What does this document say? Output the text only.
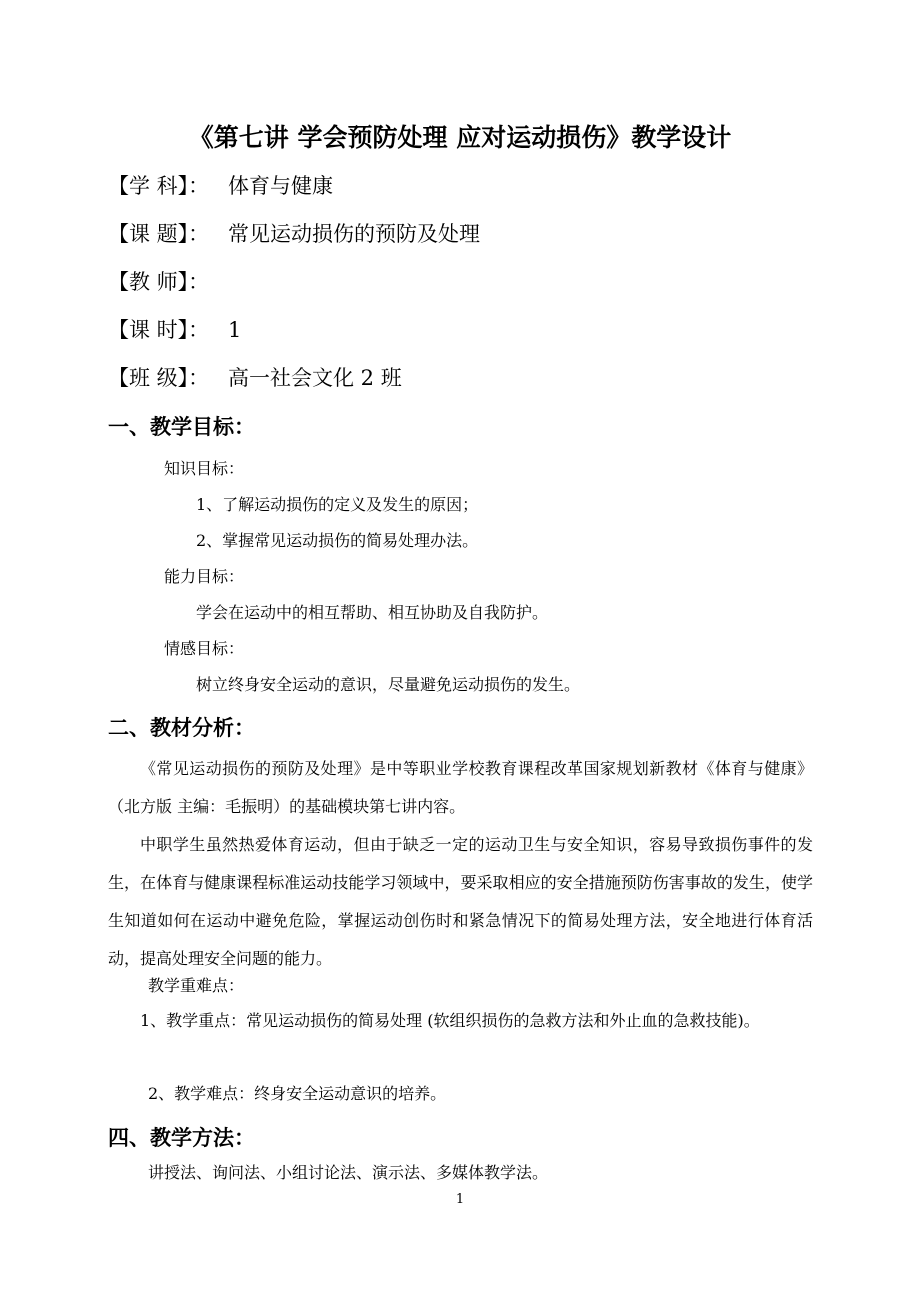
《第七讲 学会预防处理 应对运动损伤》教学设计
【学 科】： 体育与健康
【课 题】： 常见运动损伤的预防及处理
【教 师】：
【课 时】： 1
【班 级】： 高一社会文化 2 班
一、教学目标：
知识目标：
1、了解运动损伤的定义及发生的原因；
2、掌握常见运动损伤的简易处理办法。
能力目标：
学会在运动中的相互帮助、相互协助及自我防护。
情感目标：
树立终身安全运动的意识，尽量避免运动损伤的发生。
二、教材分析：
《常见运动损伤的预防及处理》是中等职业学校教育课程改革国家规划新教材《体育与健康》（北方版 主编：毛振明）的基础模块第七讲内容。
中职学生虽然热爱体育运动，但由于缺乏一定的运动卫生与安全知识，容易导致损伤事件的发生，在体育与健康课程标准运动技能学习领域中，要采取相应的安全措施预防伤害事故的发生，使学生知道如何在运动中避免危险，掌握运动创伤时和紧急情况下的简易处理方法，安全地进行体育活动，提高处理安全问题的能力。
教学重难点：
1、教学重点：常见运动损伤的简易处理 (软组织损伤的急救方法和外止血的急救技能)。
2、教学难点：终身安全运动意识的培养。
四、教学方法：
讲授法、询问法、小组讨论法、演示法、多媒体教学法。
1
